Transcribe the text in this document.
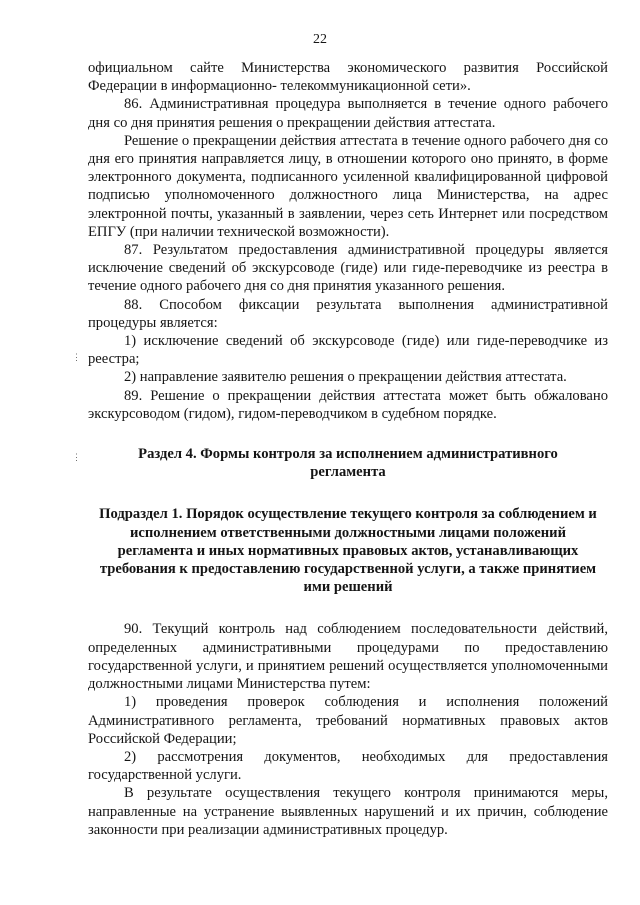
22

официальном сайте Министерства экономического развития Российской Федерации в информационно- телекоммуникационной сети».

86. Административная процедура выполняется в течение одного рабочего дня со дня принятия решения о прекращении действия аттестата.

Решение о прекращении действия аттестата в течение одного рабочего дня со дня его принятия направляется лицу, в отношении которого оно принято, в форме электронного документа, подписанного усиленной квалифицированной цифровой подписью уполномоченного должностного лица Министерства, на адрес электронной почты, указанный в заявлении, через сеть Интернет или посредством ЕПГУ (при наличии технической возможности).

87. Результатом предоставления административной процедуры является исключение сведений об экскурсоводе (гиде) или гиде-переводчике из реестра в течение одного рабочего дня со дня принятия указанного решения.

88. Способом фиксации результата выполнения административной процедуры является:

1) исключение сведений об экскурсоводе (гиде) или гиде-переводчике из реестра;

2) направление заявителю решения о прекращении действия аттестата.

89. Решение о прекращении действия аттестата может быть обжаловано экскурсоводом (гидом), гидом-переводчиком в судебном порядке.

Раздел 4. Формы контроля за исполнением административного регламента

Подраздел 1. Порядок осуществление текущего контроля за соблюдением и исполнением ответственными должностными лицами положений регламента и иных нормативных правовых актов, устанавливающих требования к предоставлению государственной услуги, а также принятием ими решений

90. Текущий контроль над соблюдением последовательности действий, определенных административными процедурами по предоставлению государственной услуги, и принятием решений осуществляется уполномоченными должностными лицами Министерства путем:

1) проведения проверок соблюдения и исполнения положений Административного регламента, требований нормативных правовых актов Российской Федерации;

2) рассмотрения документов, необходимых для предоставления государственной услуги.

В результате осуществления текущего контроля принимаются меры, направленные на устранение выявленных нарушений и их причин, соблюдение законности при реализации административных процедур.

⋮
⋮
